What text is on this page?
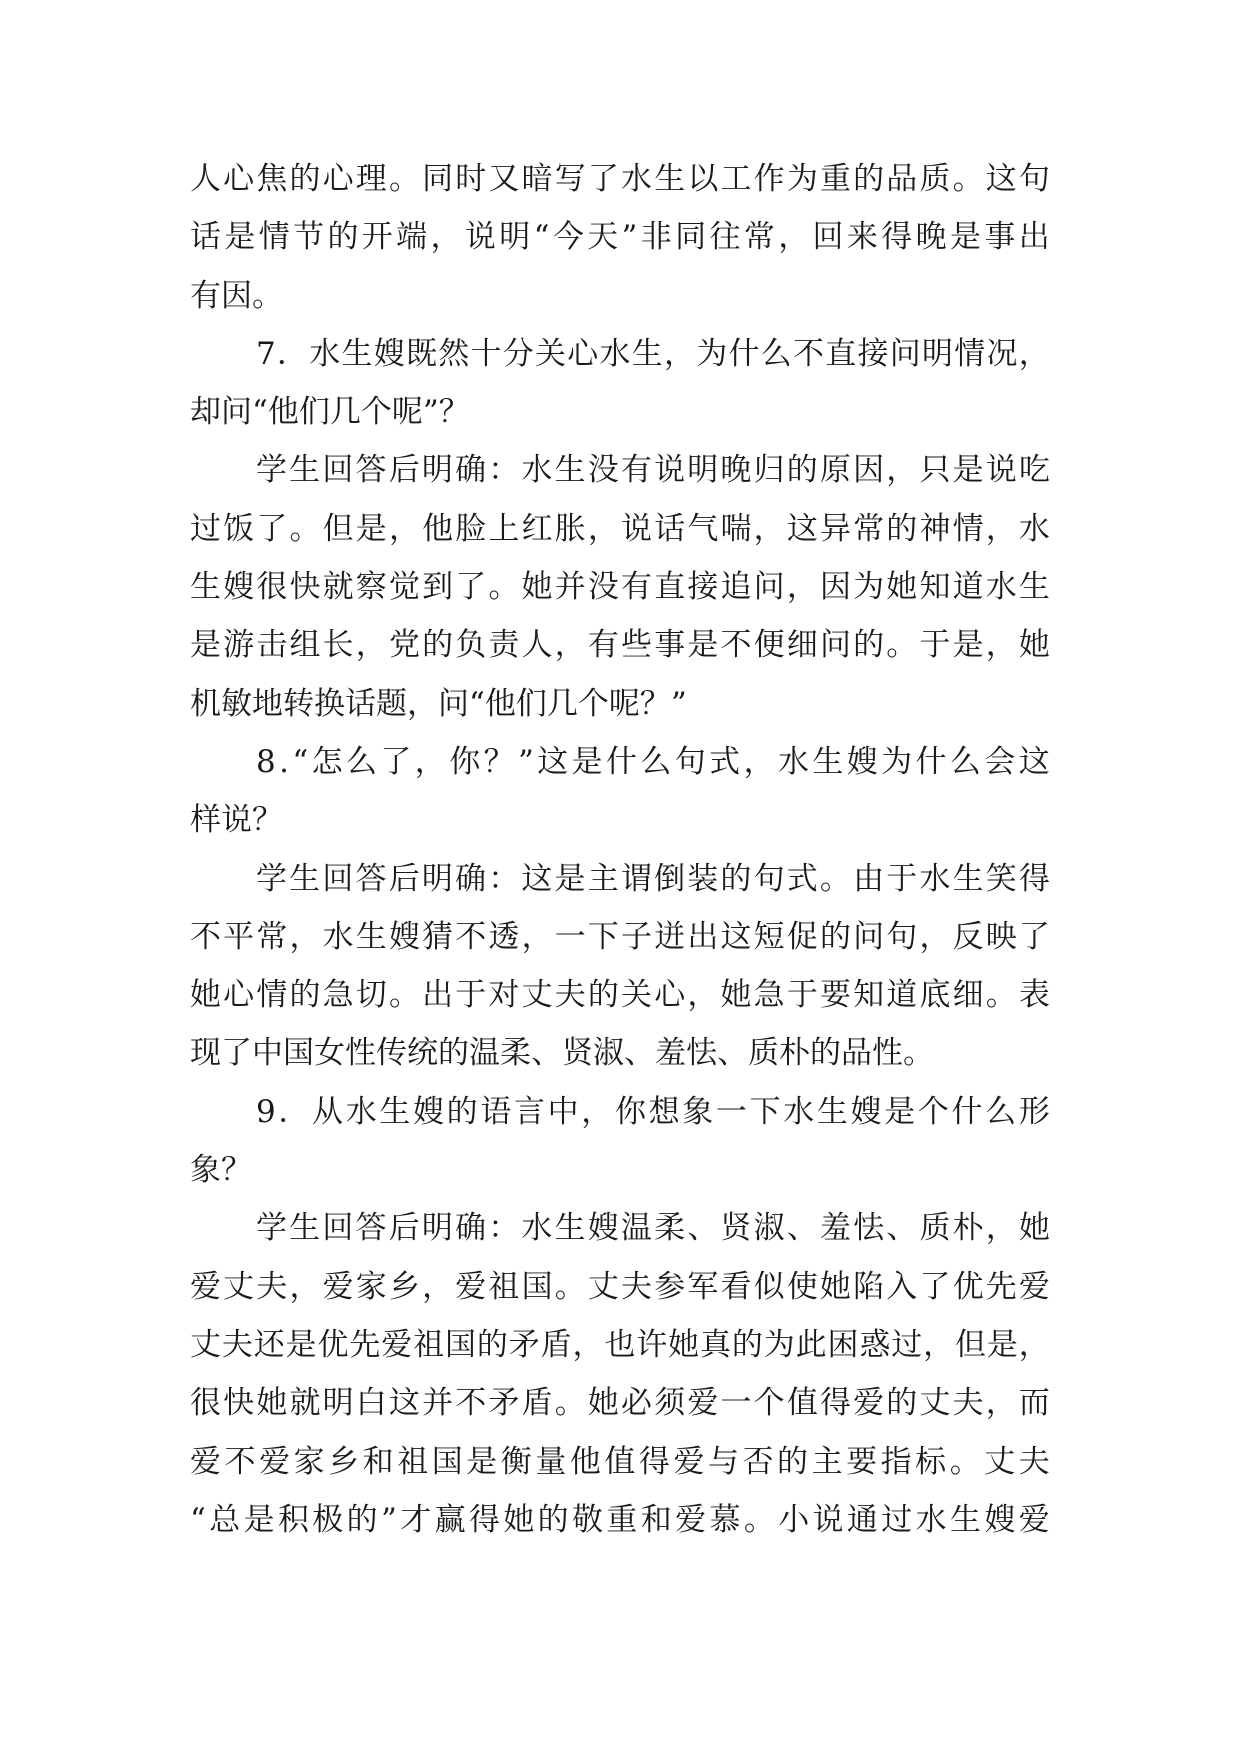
人 心 焦 的 心 理 。 同 时 又 暗 写 了 水 生 以 工 作 为 重 的 品 质 。 这 句
话 是 情 节 的 开 端 ， 说 明 “ 今 天 ” 非 同 往 常 ， 回 来 得 晚 是 事 出
有 因 。
7 ． 水 生 嫂 既 然 十 分 关 心 水 生 ， 为 什 么 不 直 接 问 明 情 况 ，
却 问 “ 他 们 几 个 呢 ” ？
学 生 回 答 后 明 确 ： 水 生 没 有 说 明 晚 归 的 原 因 ， 只 是 说 吃
过 饭 了 。 但 是 ， 他 脸 上 红 胀 ， 说 话 气 喘 ， 这 异 常 的 神 情 ， 水
生 嫂 很 快 就 察 觉 到 了 。 她 并 没 有 直 接 追 问 ， 因 为 她 知 道 水 生
是 游 击 组 长 ， 党 的 负 责 人 ， 有 些 事 是 不 便 细 问 的 。 于 是 ， 她
机 敏 地 转 换 话 题 ， 问 “ 他 们 几 个 呢 ？ ”
8 . “ 怎 么 了 ， 你 ？ ” 这 是 什 么 句 式 ， 水 生 嫂 为 什 么 会 这
样 说 ？
学 生 回 答 后 明 确 ： 这 是 主 谓 倒 装 的 句 式 。 由 于 水 生 笑 得
不 平 常 ， 水 生 嫂 猜 不 透 ， 一 下 子 迸 出 这 短 促 的 问 句 ， 反 映 了
她 心 情 的 急 切 。 出 于 对 丈 夫 的 关 心 ， 她 急 于 要 知 道 底 细 。 表
现 了 中 国 女 性 传 统 的 温 柔 、 贤 淑 、 羞 怯 、 质 朴 的 品 性 。
9 ． 从 水 生 嫂 的 语 言 中 ， 你 想 象 一 下 水 生 嫂 是 个 什 么 形
象 ？
学 生 回 答 后 明 确 ： 水 生 嫂 温 柔 、 贤 淑 、 羞 怯 、 质 朴 ， 她
爱 丈 夫 ， 爱 家 乡 ， 爱 祖 国 。 丈 夫 参 军 看 似 使 她 陷 入 了 优 先 爱
丈 夫 还 是 优 先 爱 祖 国 的 矛 盾 ， 也 许 她 真 的 为 此 困 惑 过 ， 但 是 ，
很 快 她 就 明 白 这 并 不 矛 盾 。 她 必 须 爱 一 个 值 得 爱 的 丈 夫 ， 而
爱 不 爱 家 乡 和 祖 国 是 衡 量 他 值 得 爱 与 否 的 主 要 指 标 。 丈 夫
“ 总 是 积 极 的 ” 才 赢 得 她 的 敬 重 和 爱 慕 。 小 说 通 过 水 生 嫂 爱
